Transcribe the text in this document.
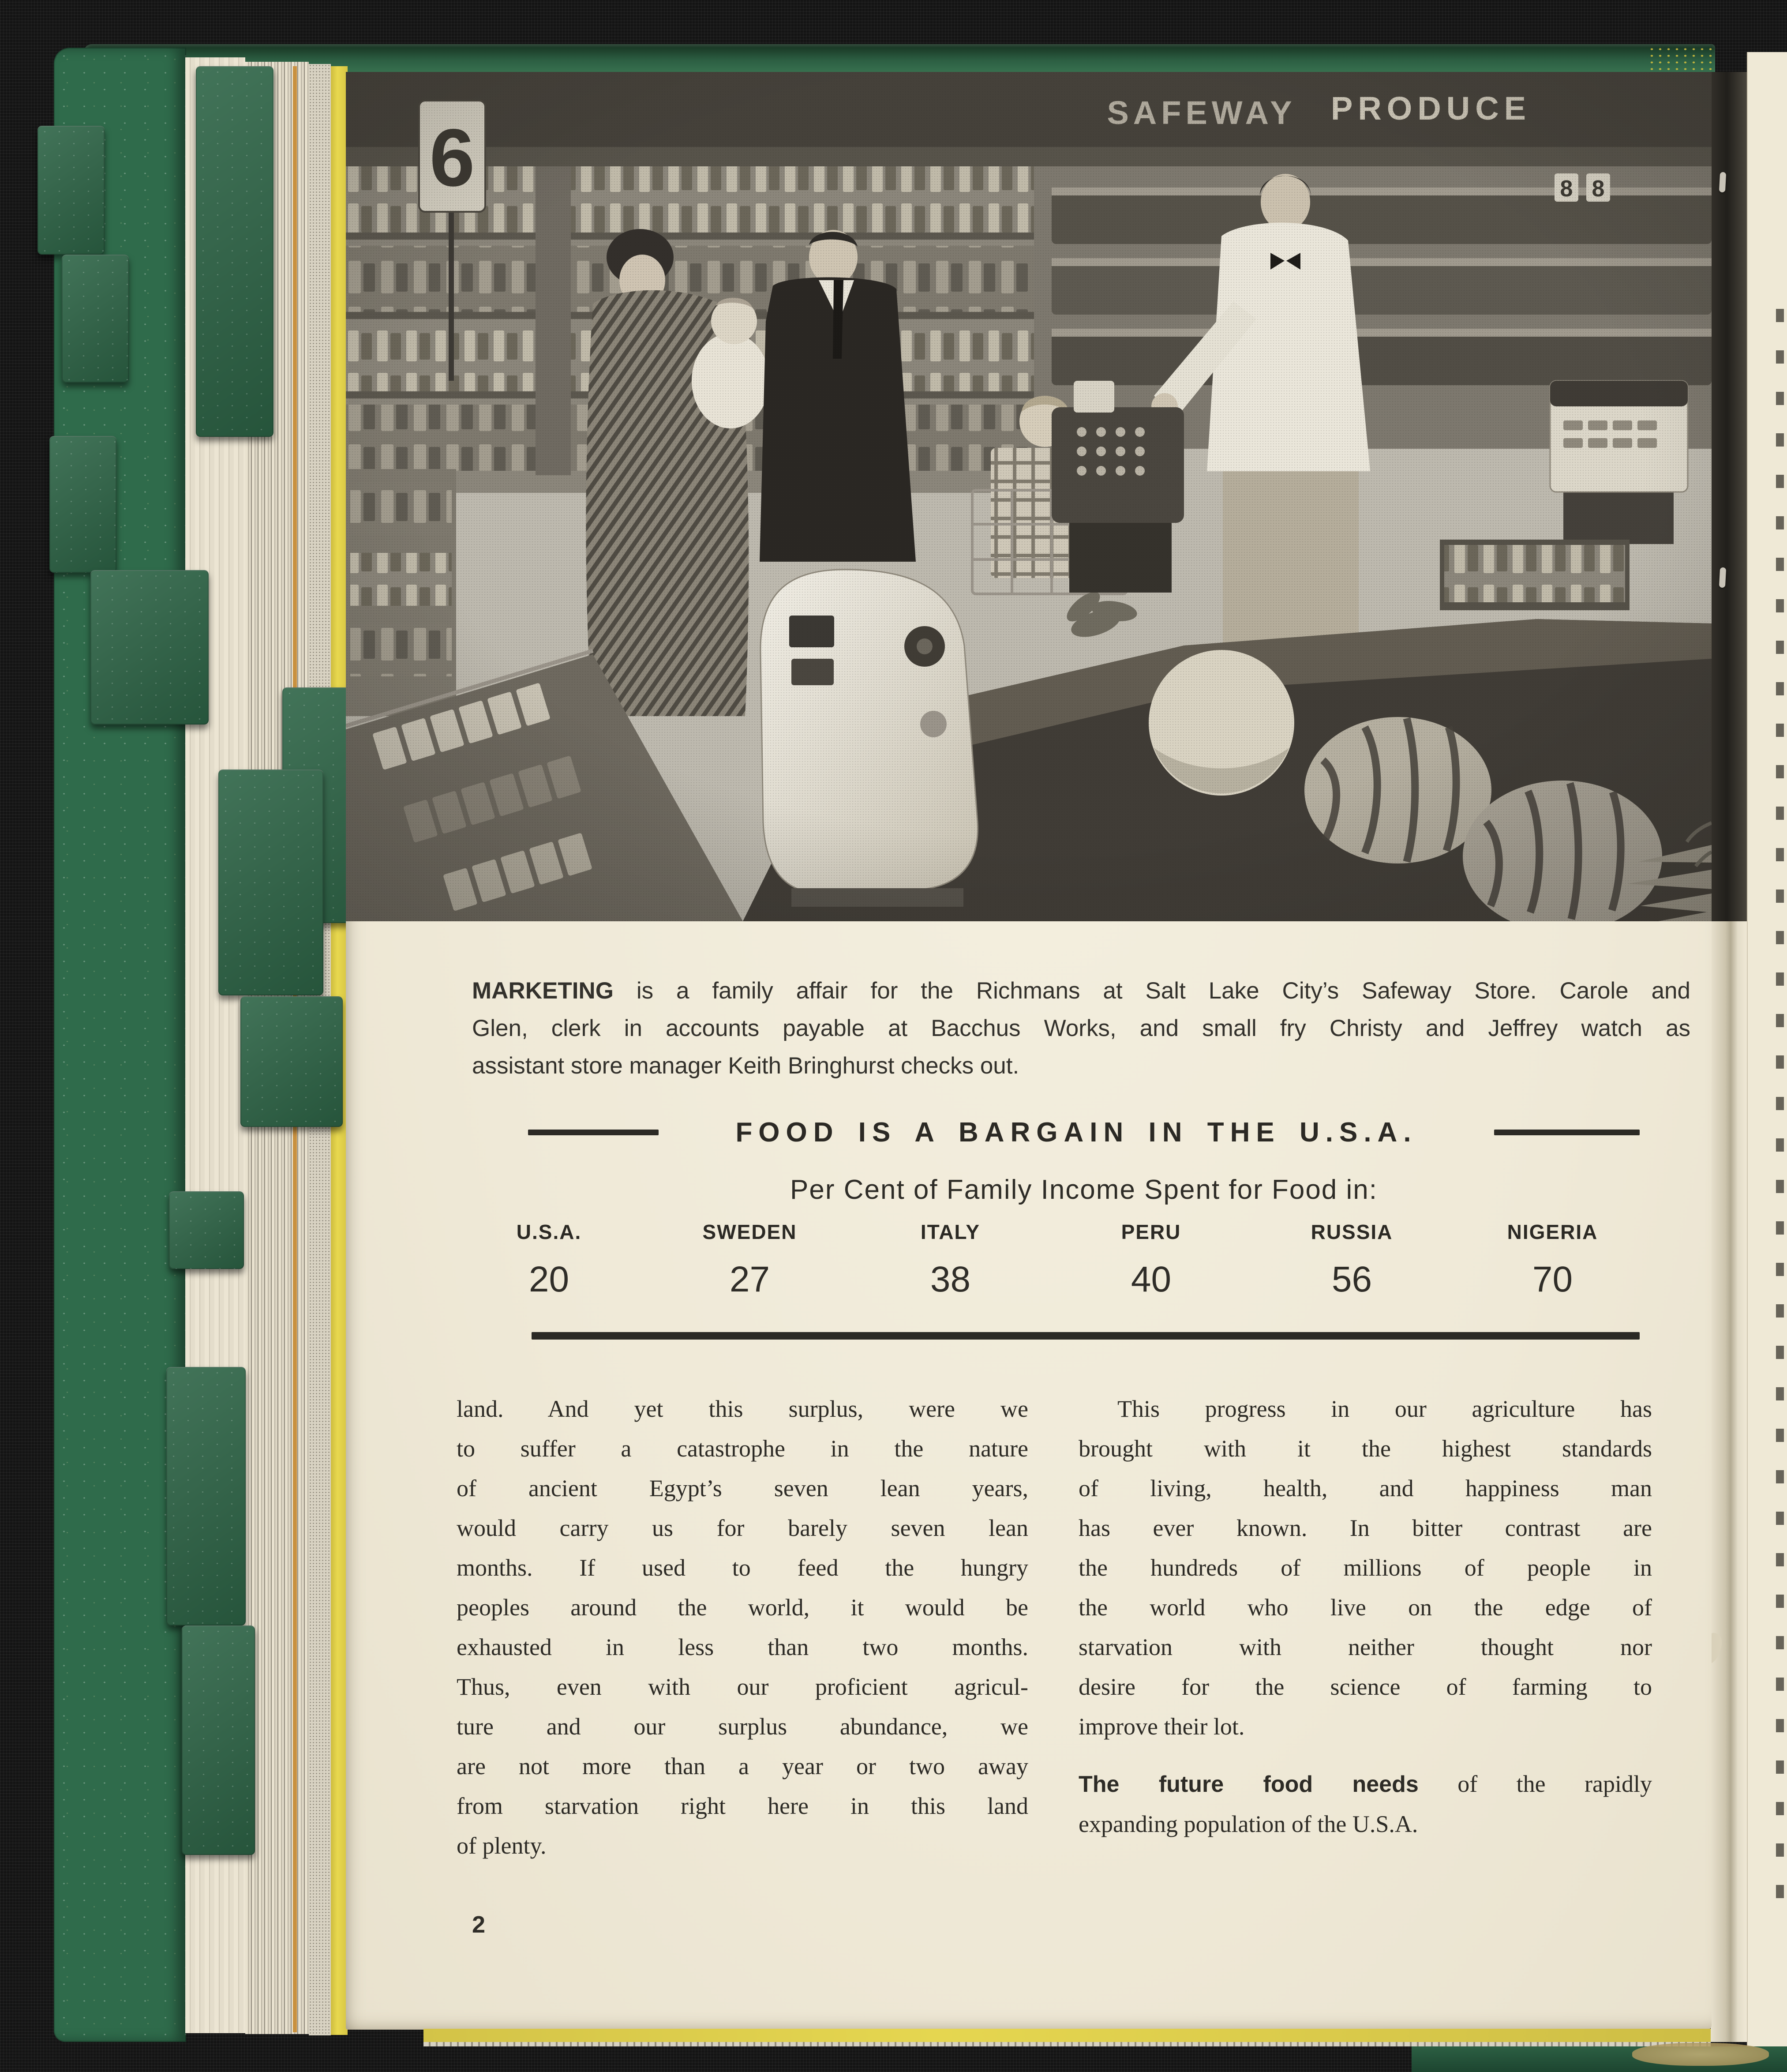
MARKETING is a family affair for the Richmans at Salt Lake City’s Safeway Store. Carole and
Glen, clerk in accounts payable at Bacchus Works, and small fry Christy and Jeffrey watch as
assistant store manager Keith Bringhurst checks out.
FOOD IS A BARGAIN IN THE U.S.A.
Per Cent of Family Income Spent for Food in:
U.S.A.
20
SWEDEN
27
ITALY
38
PERU
40
RUSSIA
56
NIGERIA
70
land. And yet this surplus, were we
to suffer a catastrophe in the nature
of ancient Egypt’s seven lean years,
would carry us for barely seven lean
months. If used to feed the hungry
peoples around the world, it would be
exhausted in less than two months.
Thus, even with our proficient agricul-
ture and our surplus abundance, we
are not more than a year or two away
from starvation right here in this land
of plenty.
This progress in our agriculture has
brought with it the highest standards
of living, health, and happiness man
has ever known. In bitter contrast are
the hundreds of millions of people in
the world who live on the edge of
starvation with neither thought nor
desire for the science of farming to
improve their lot.
The future food needs of the rapidly
expanding population of the U.S.A.
2
